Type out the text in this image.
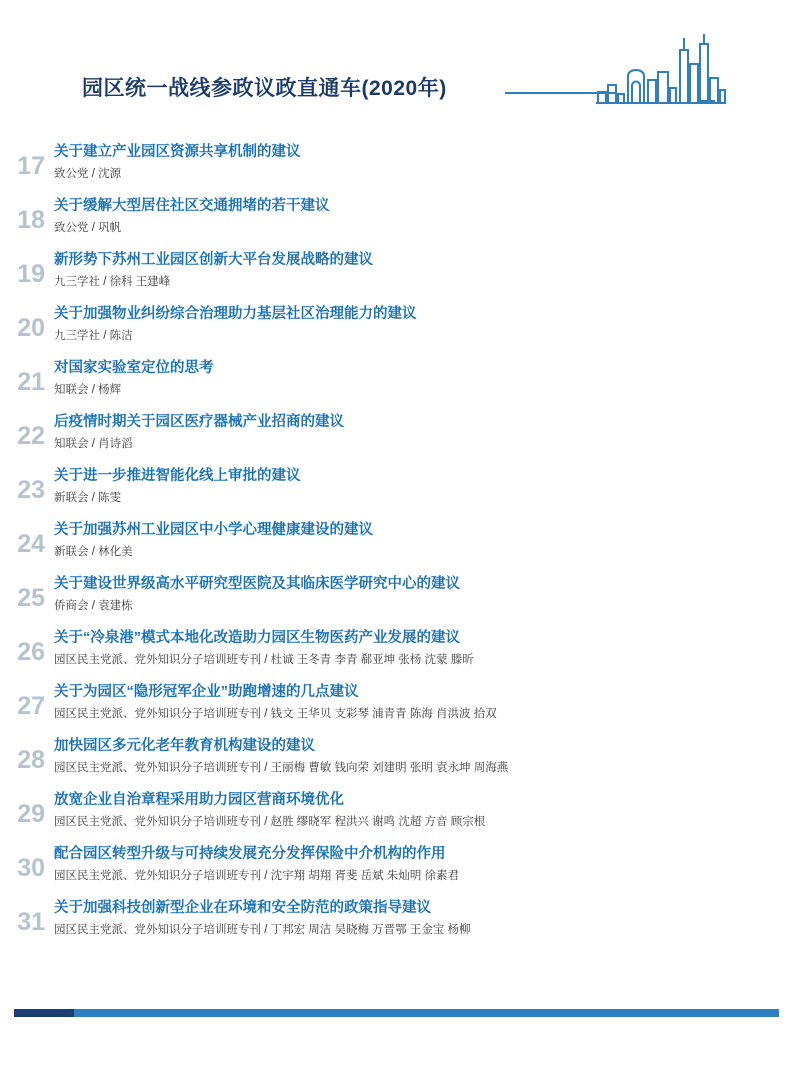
园区统一战线参政议政直通车(2020年)
17 关于建立产业园区资源共享机制的建议

致公党 / 沈源

18 关于缓解大型居住社区交通拥堵的若干建议

致公党 / 巩帆

19 新形势下苏州工业园区创新大平台发展战略的建议

九三学社 / 徐科 王建峰

20 关于加强物业纠纷综合治理助力基层社区治理能力的建议

九三学社 / 陈洁

21 对国家实验室定位的思考

知联会 / 杨辉

22 后疫情时期关于园区医疗器械产业招商的建议

知联会 / 肖诗滔

23 关于进一步推进智能化线上审批的建议

新联会 / 陈雯

24 关于加强苏州工业园区中小学心理健康建设的建议

新联会 / 林化美

25 关于建设世界级高水平研究型医院及其临床医学研究中心的建议

侨商会 / 袁建栋

26 关于“冷泉港”模式本地化改造助力园区生物医药产业发展的建议

园区民主党派、党外知识分子培训班专刊 / 杜诚 王冬青 李青 郗亚坤 张杨 沈蒙 滕昕

27 关于为园区“隐形冠军企业”助跑增速的几点建议

园区民主党派、党外知识分子培训班专刊 / 钱文 王华贝 支彩琴 浦青青 陈海 肖洪波 拾双

28 加快园区多元化老年教育机构建设的建议

园区民主党派、党外知识分子培训班专刊 / 王丽梅 曹敏 钱向荣 刘建明 张明 袁永坤 周海燕

29 放宽企业自治章程采用助力园区营商环境优化

园区民主党派、党外知识分子培训班专刊 / 赵胜 缪晓军 程洪兴 谢鸣 沈超 方音 顾宗根

30 配合园区转型升级与可持续发展充分发挥保险中介机构的作用

园区民主党派、党外知识分子培训班专刊 / 沈宇翔 胡翔 胥斐 岳斌 朱灿明 徐素君

31 关于加强科技创新型企业在环境和安全防范的政策指导建议

园区民主党派、党外知识分子培训班专刊 / 丁邦宏 周洁 吴晓梅 万晋鄂 王金宝 杨柳
